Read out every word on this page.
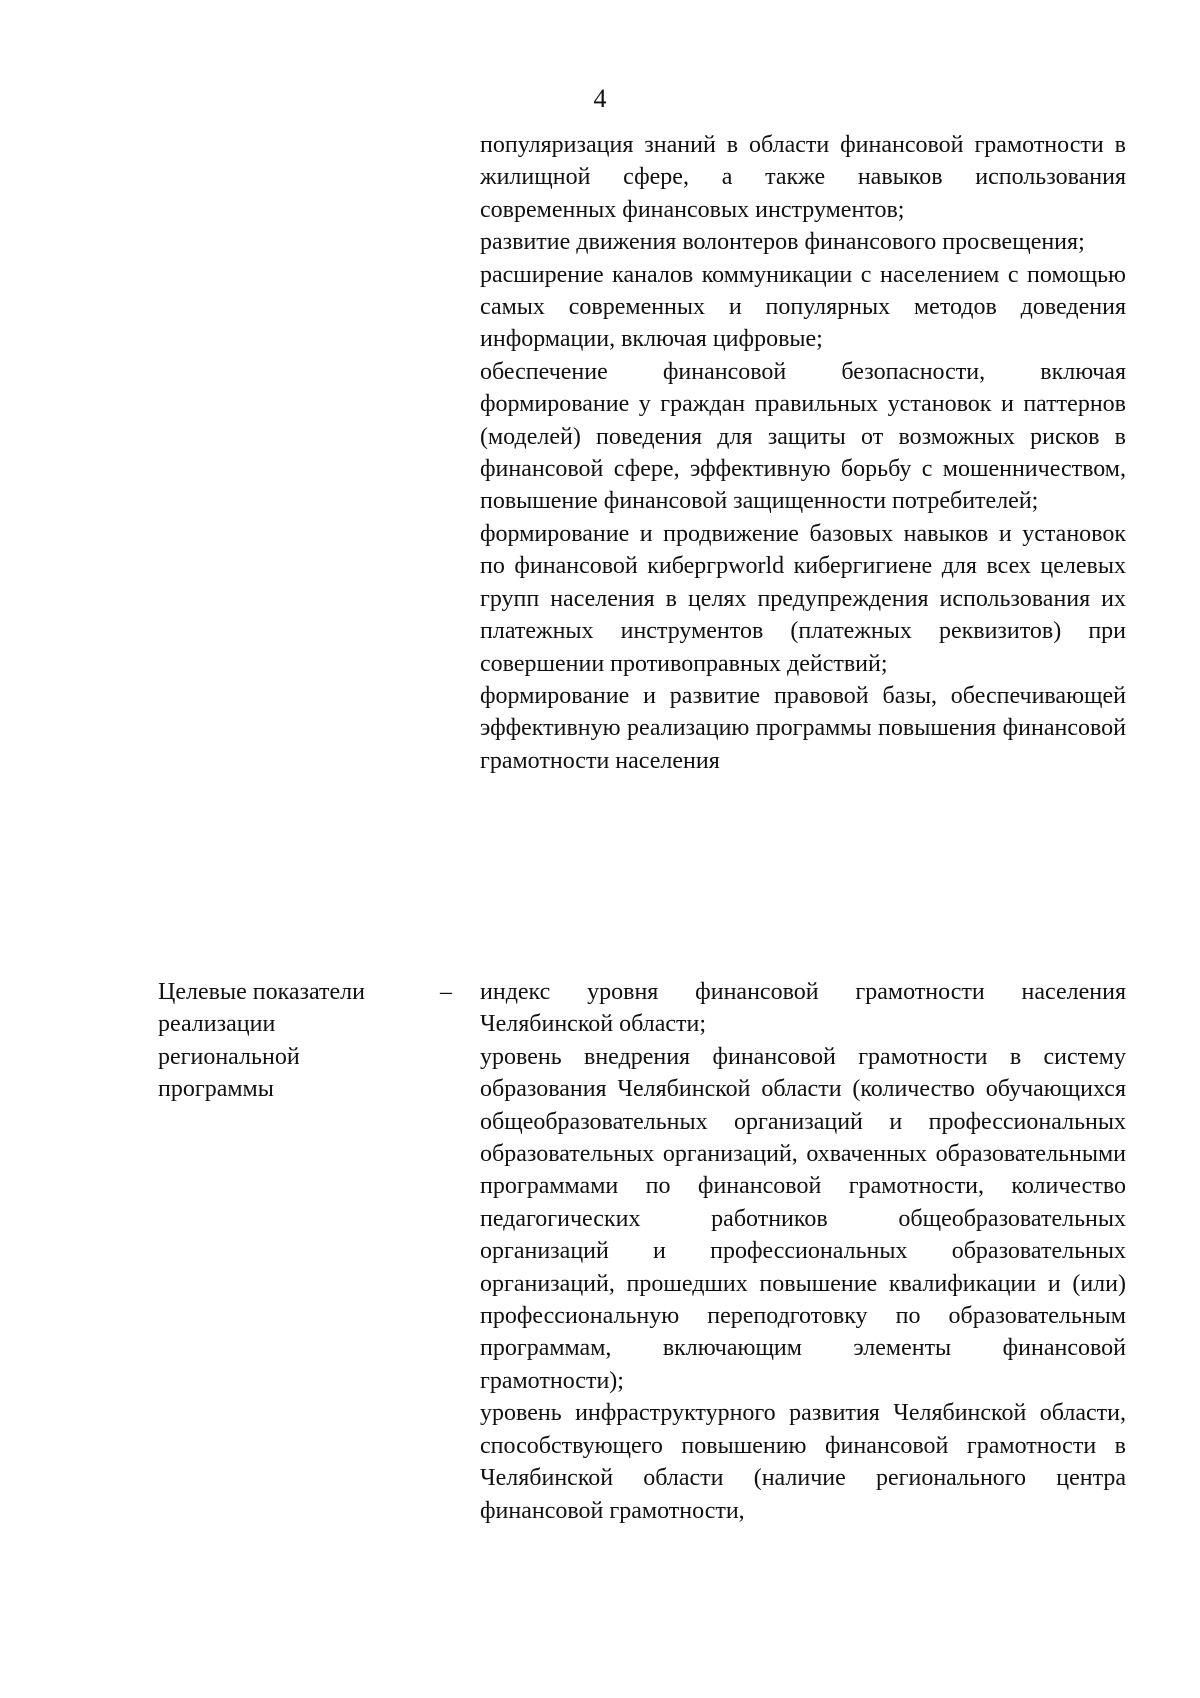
4

популяризация знаний в области финансовой грамотности в жилищной сфере, а также навыков использования современных финансовых инструментов;

развитие движения волонтеров финансового просвещения;

расширение каналов коммуникации с населением с помощью самых современных и популярных методов доведения информации, включая цифровые;

обеспечение финансовой безопасности, включая формирование у граждан правильных установок и паттернов (моделей) поведения для защиты от возможных рисков в финансовой сфере, эффективную борьбу с мошенничеством, повышение финансовой защищенности потребителей;

формирование и продвижение базовых навыков и установок по финансовой кибергрworld кибергигиене для всех целевых групп населения в целях предупреждения использования их платежных инструментов (платежных реквизитов) при совершении противоправных действий;

формирование и развитие правовой базы, обеспечивающей эффективную реализацию программы повышения финансовой грамотности населения

Целевые показатели
реализации
региональной
программы
– индекс уровня финансовой грамотности населения Челябинской области;

уровень внедрения финансовой грамотности в систему образования Челябинской области (количество обучающихся общеобразовательных организаций и профессиональных образовательных организаций, охваченных образовательными программами по финансовой грамотности, количество педагогических работников общеобразовательных организаций и профессиональных образовательных организаций, прошедших повышение квалификации и (или) профессиональную переподготовку по образовательным программам, включающим элементы финансовой грамотности);

уровень инфраструктурного развития Челябинской области, способствующего повышению финансовой грамотности в Челябинской области (наличие регионального центра финансовой грамотности,
